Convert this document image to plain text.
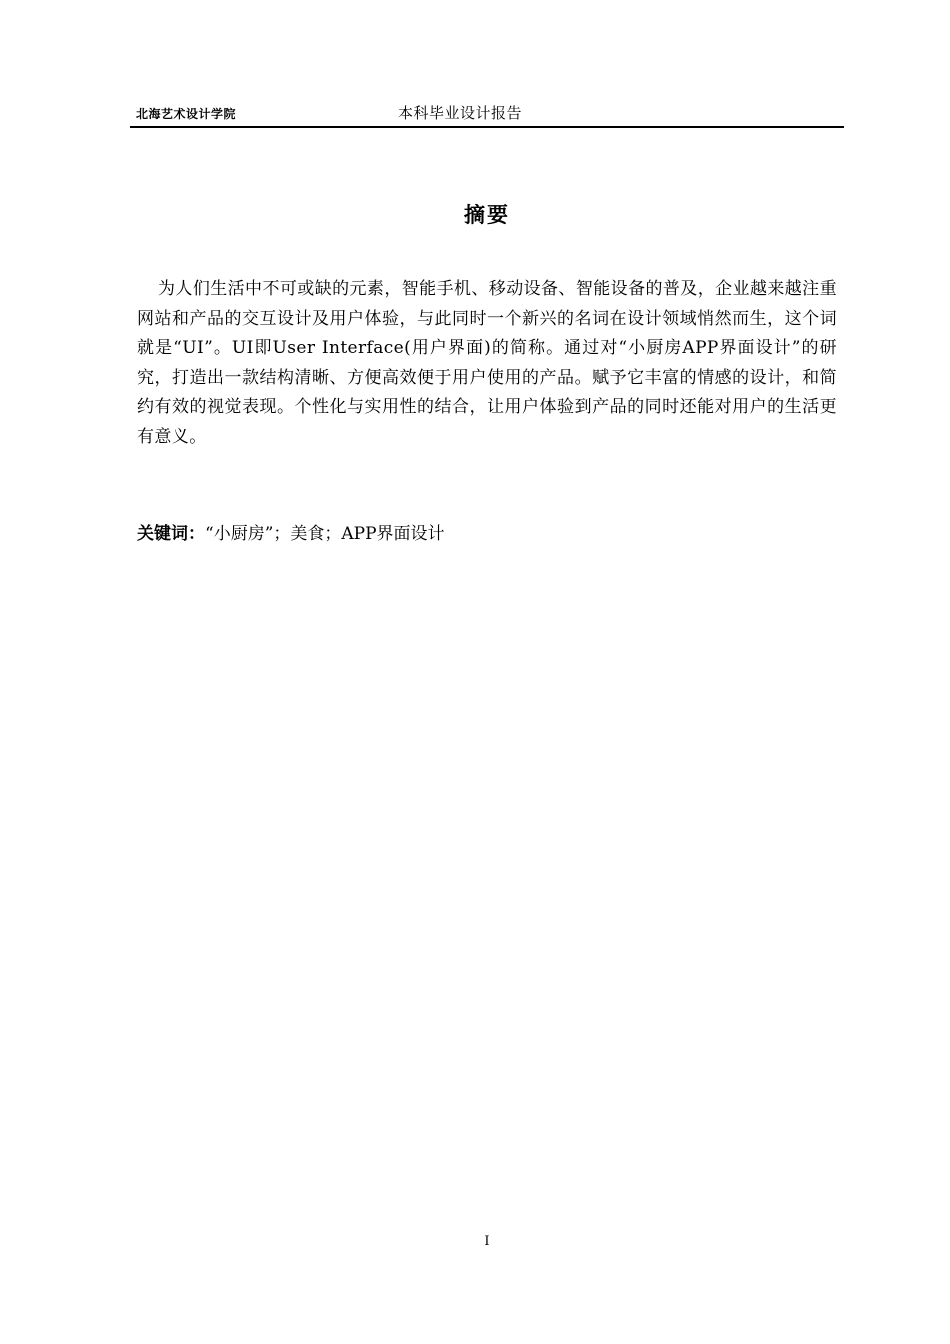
北海艺术设计学院	本科毕业设计报告
摘要

为人们生活中不可或缺的元素，智能手机、移动设备、智能设备的普及，企业越来越注重网站和产品的交互设计及用户体验，与此同时一个新兴的名词在设计领域悄然而生，这个词就是“UI”。UI即User Interface(用户界面)的简称。通过对“小厨房APP界面设计”的研究，打造出一款结构清晰、方便高效便于用户使用的产品。赋予它丰富的情感的设计，和简约有效的视觉表现。个性化与实用性的结合，让用户体验到产品的同时还能对用户的生活更有意义。

关键词：“小厨房”；美食；APP界面设计
I
